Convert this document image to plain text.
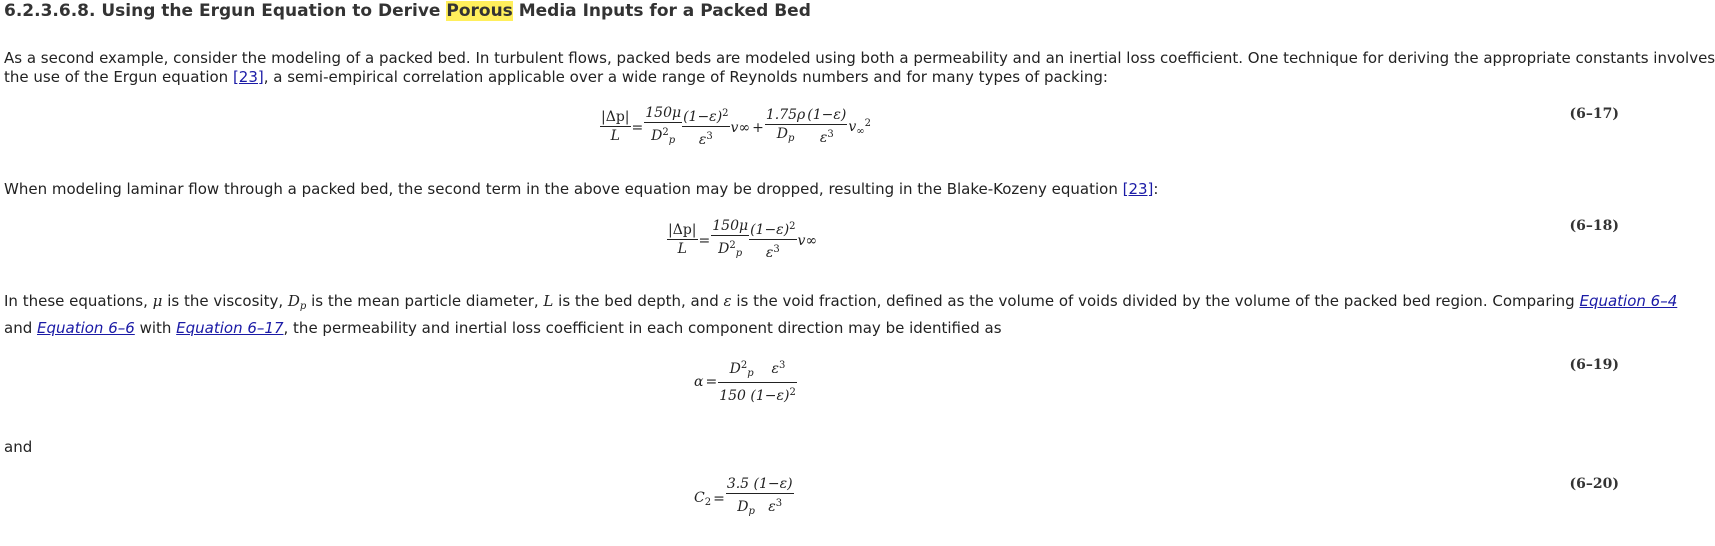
6.2.3.6.8. Using the Ergun Equation to Derive Porous Media Inputs for a Packed Bed
As a second example, consider the modeling of a packed bed. In turbulent flows, packed beds are modeled using both a permeability and an inertial loss coefficient. One technique for deriving the appropriate constants involves
the use of the Ergun equation [23], a semi-empirical correlation applicable over a wide range of Reynolds numbers and for many types of packing:
$\frac{|\Delta p|}{L} = \frac{150\mu}{D^2_p} \frac{(1-\varepsilon)^2}{\varepsilon^3} v\infty + \frac{1.75\rho}{D_p} \frac{(1-\varepsilon)}{\varepsilon^3} v_\infty^2$
(6–17)
When modeling laminar flow through a packed bed, the second term in the above equation may be dropped, resulting in the Blake-Kozeny equation [23]:
$\frac{|\Delta p|}{L} = \frac{150\mu}{D^2_p} \frac{(1-\varepsilon)^2}{\varepsilon^3} v\infty$
(6–18)
In these equations, μ is the viscosity, $D_p$ is the mean particle diameter, L is the bed depth, and ε is the void fraction, defined as the volume of voids divided by the volume of the packed bed region. Comparing Equation 6–4
and Equation 6–6 with Equation 6–17, the permeability and inertial loss coefficient in each component direction may be identified as
$\alpha = \frac{D^2_p \varepsilon^3}{150 (1-\varepsilon)^2}$	(6–19)
and
$C_2 = \frac{3.5 (1-\varepsilon)}{D_p \varepsilon^3}$	(6–20)
